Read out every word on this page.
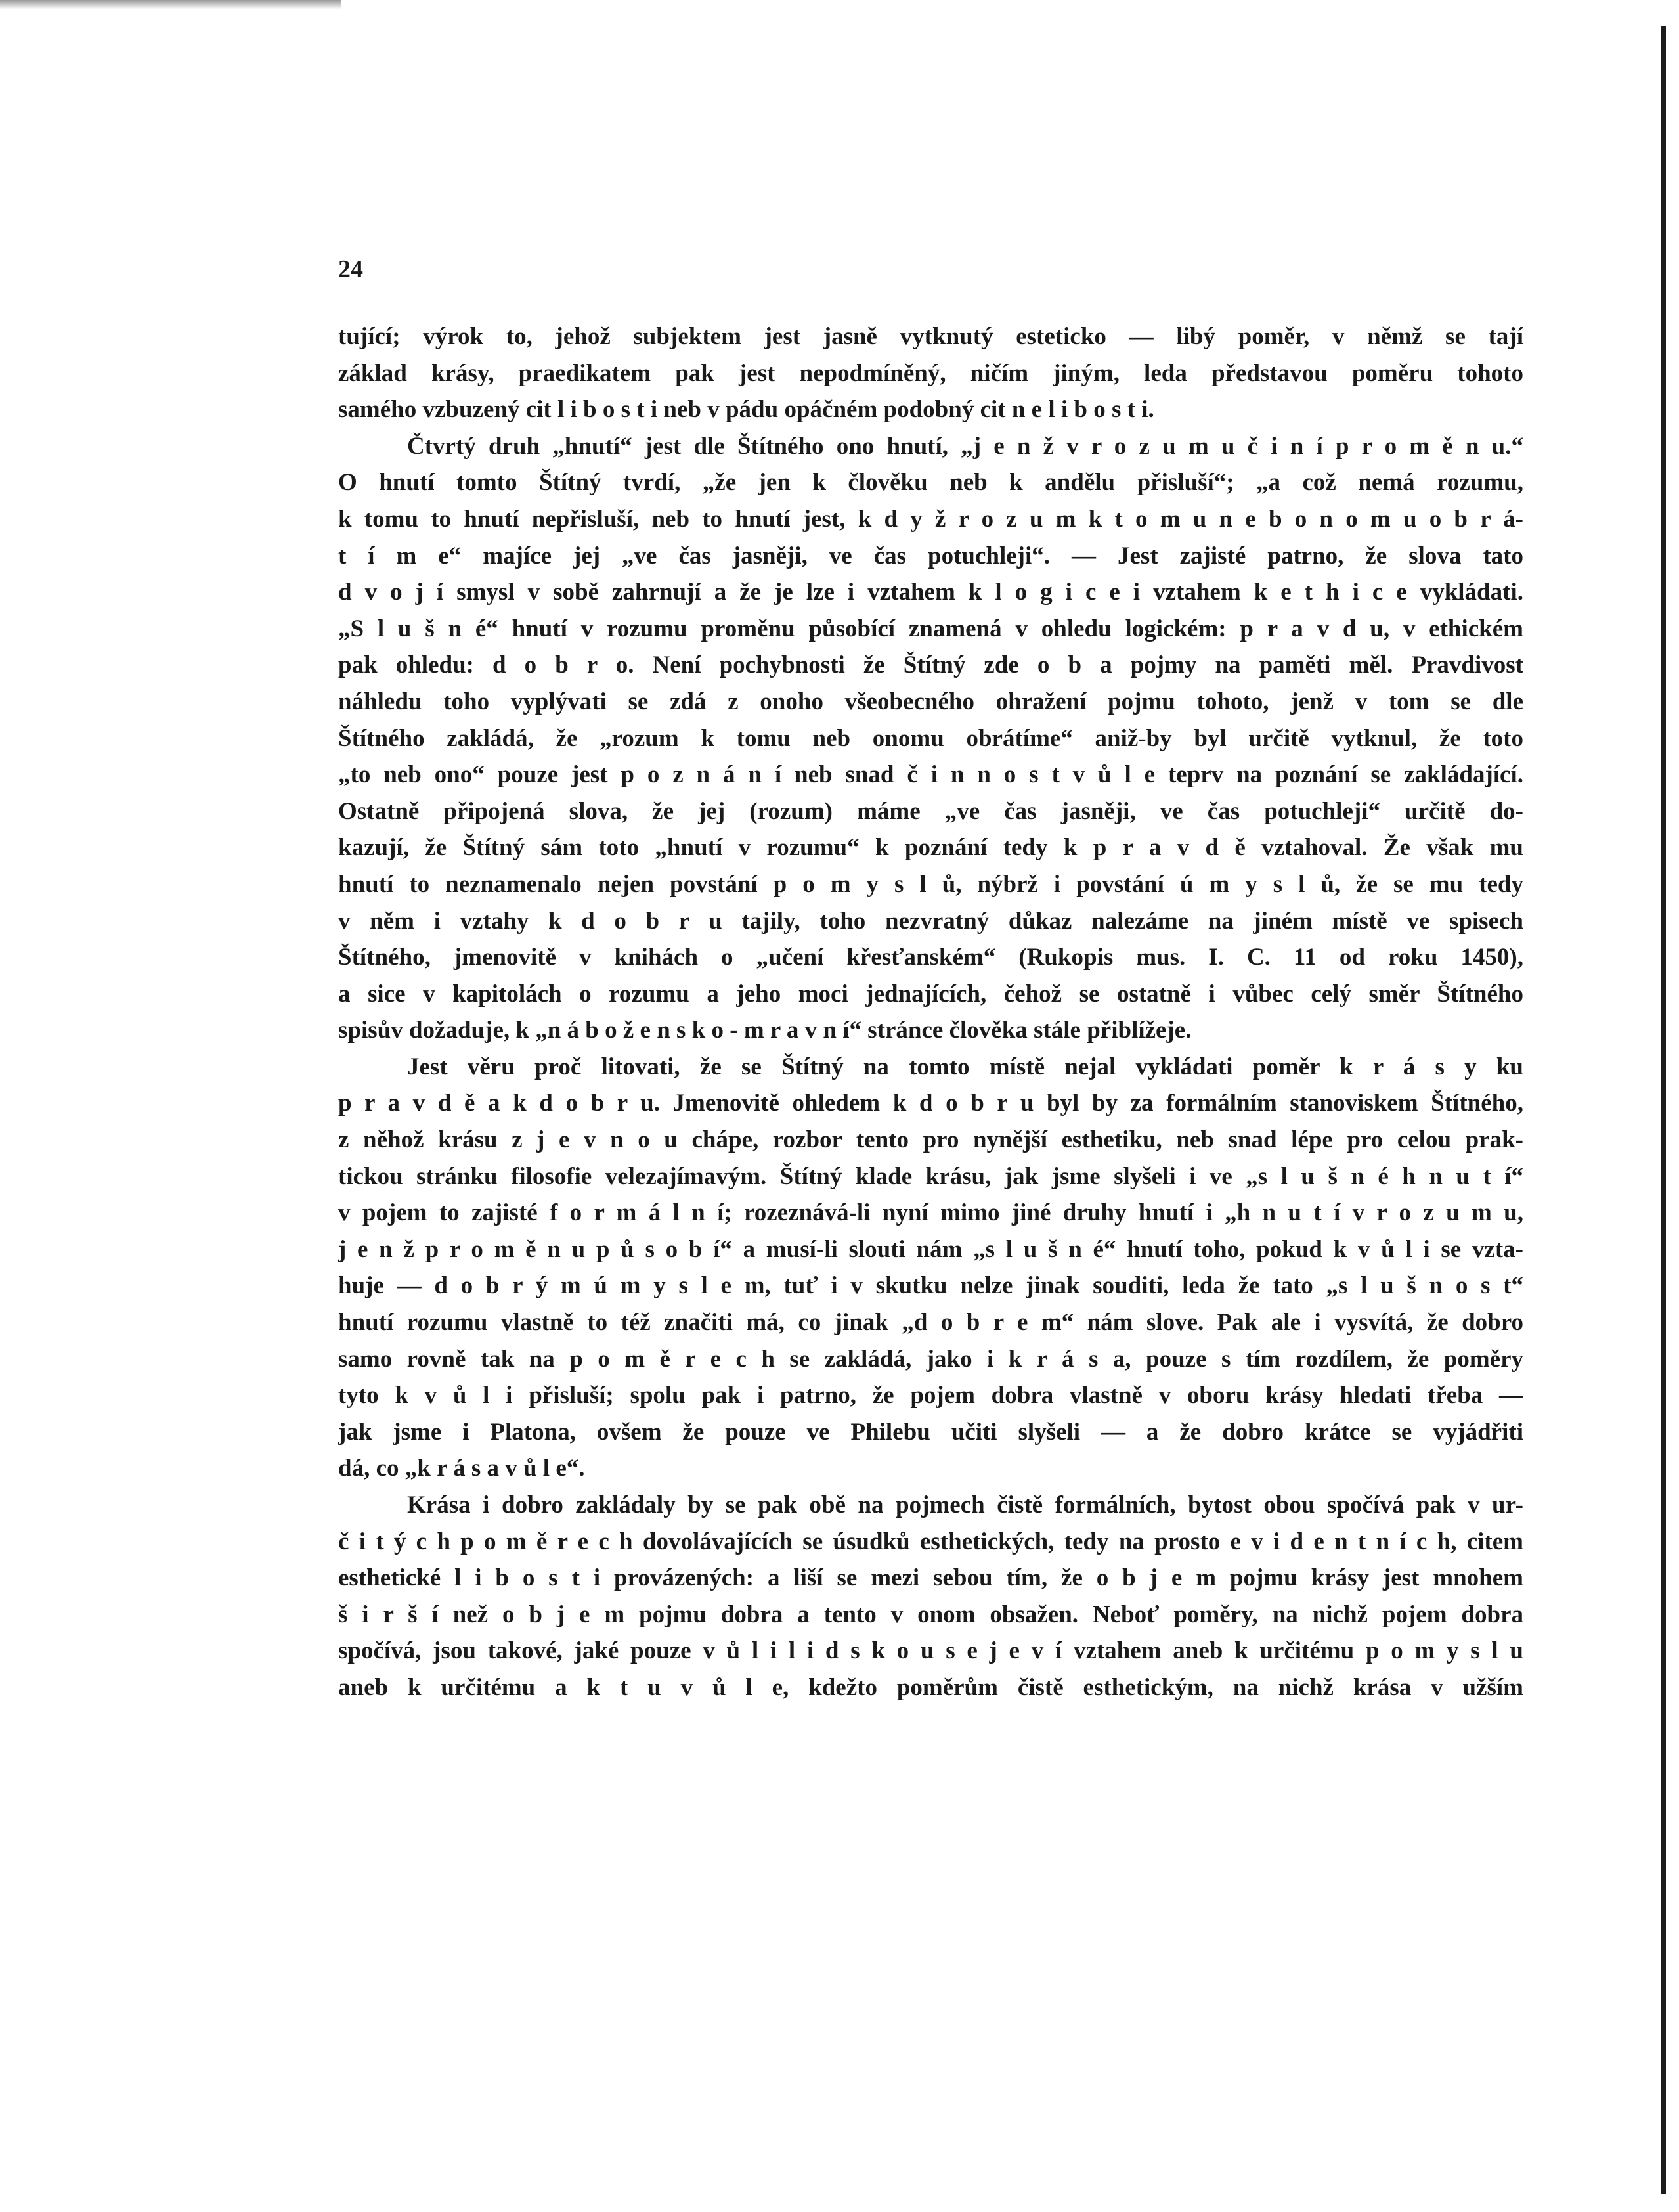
24
tující; výrok to, jehož subjektem jest jasně vytknutý esteticko — libý poměr, v němž se tají
základ krásy, praedikatem pak jest nepodmíněný, ničím jiným, leda představou poměru tohoto
samého vzbuzený cit l i b o s t i neb v pádu opáčném podobný cit n e l i b o s t i.
Čtvrtý druh „hnutí“ jest dle Štítného ono hnutí, „j e n ž v r o z u m u č i n í p r o m ě n u.“
O hnutí tomto Štítný tvrdí, „že jen k člověku neb k andělu přisluší“; „a což nemá rozumu,
k tomu to hnutí nepřisluší, neb to hnutí jest, k d y ž r o z u m k t o m u n e b o n o m u o b r á-
t í m e“ majíce jej „ve čas jasněji, ve čas potuchleji“. — Jest zajisté patrno, že slova tato
d v o j í smysl v sobě zahrnují a že je lze i vztahem k l o g i c e i vztahem k e t h i c e vykládati.
„S l u š n é“ hnutí v rozumu proměnu působící znamená v ohledu logickém: p r a v d u, v ethickém
pak ohledu: d o b r o. Není pochybnosti že Štítný zde o b a pojmy na paměti měl. Pravdivost
náhledu toho vyplývati se zdá z onoho všeobecného ohražení pojmu tohoto, jenž v tom se dle
Štítného zakládá, že „rozum k tomu neb onomu obrátíme“ aniž-by byl určitě vytknul, že toto
„to neb ono“ pouze jest p o z n á n í neb snad č i n n o s t v ů l e teprv na poznání se zakládající.
Ostatně připojená slova, že jej (rozum) máme „ve čas jasněji, ve čas potuchleji“ určitě do-
kazují, že Štítný sám toto „hnutí v rozumu“ k poznání tedy k p r a v d ě vztahoval. Že však mu
hnutí to neznamenalo nejen povstání p o m y s l ů, nýbrž i povstání ú m y s l ů, že se mu tedy
v něm i vztahy k d o b r u tajily, toho nezvratný důkaz nalezáme na jiném místě ve spisech
Štítného, jmenovitě v knihách o „učení křesťanském“ (Rukopis mus. I. C. 11 od roku 1450),
a sice v kapitolách o rozumu a jeho moci jednajících, čehož se ostatně i vůbec celý směr Štítného
spisův dožaduje, k „n á b o ž e n s k o - m r a v n í“ stránce člověka stále přiblížeje.
Jest věru proč litovati, že se Štítný na tomto místě nejal vykládati poměr k r á s y ku
p r a v d ě a k d o b r u. Jmenovitě ohledem k d o b r u byl by za formálním stanoviskem Štítného,
z něhož krásu z j e v n o u chápe, rozbor tento pro nynější esthetiku, neb snad lépe pro celou prak-
tickou stránku filosofie velezajímavým. Štítný klade krásu, jak jsme slyšeli i ve „s l u š n é h n u t í“
v pojem to zajisté f o r m á l n í; rozeznává-li nyní mimo jiné druhy hnutí i „h n u t í v r o z u m u,
j e n ž p r o m ě n u p ů s o b í“ a musí-li slouti nám „s l u š n é“ hnutí toho, pokud k v ů l i se vzta-
huje — d o b r ý m ú m y s l e m, tuť i v skutku nelze jinak souditi, leda že tato „s l u š n o s t“
hnutí rozumu vlastně to též značiti má, co jinak „d o b r e m“ nám slove. Pak ale i vysvítá, že dobro
samo rovně tak na p o m ě r e c h se zakládá, jako i k r á s a, pouze s tím rozdílem, že poměry
tyto k v ů l i přisluší; spolu pak i patrno, že pojem dobra vlastně v oboru krásy hledati třeba —
jak jsme i Platona, ovšem že pouze ve Philebu učiti slyšeli — a že dobro krátce se vyjádřiti
dá, co „k r á s a v ů l e“.
Krása i dobro zakládaly by se pak obě na pojmech čistě formálních, bytost obou spočívá pak v ur-
č i t ý c h p o m ě r e c h dovolávajících se úsudků esthetických, tedy na prosto e v i d e n t n í c h, citem
esthetické l i b o s t i provázených: a liší se mezi sebou tím, že o b j e m pojmu krásy jest mnohem
š i r š í než o b j e m pojmu dobra a tento v onom obsažen. Neboť poměry, na nichž pojem dobra
spočívá, jsou takové, jaké pouze v ů l i l i d s k o u s e j e v í vztahem aneb k určitému p o m y s l u
aneb k určitému a k t u v ů l e, kdežto poměrům čistě esthetickým, na nichž krása v užším
